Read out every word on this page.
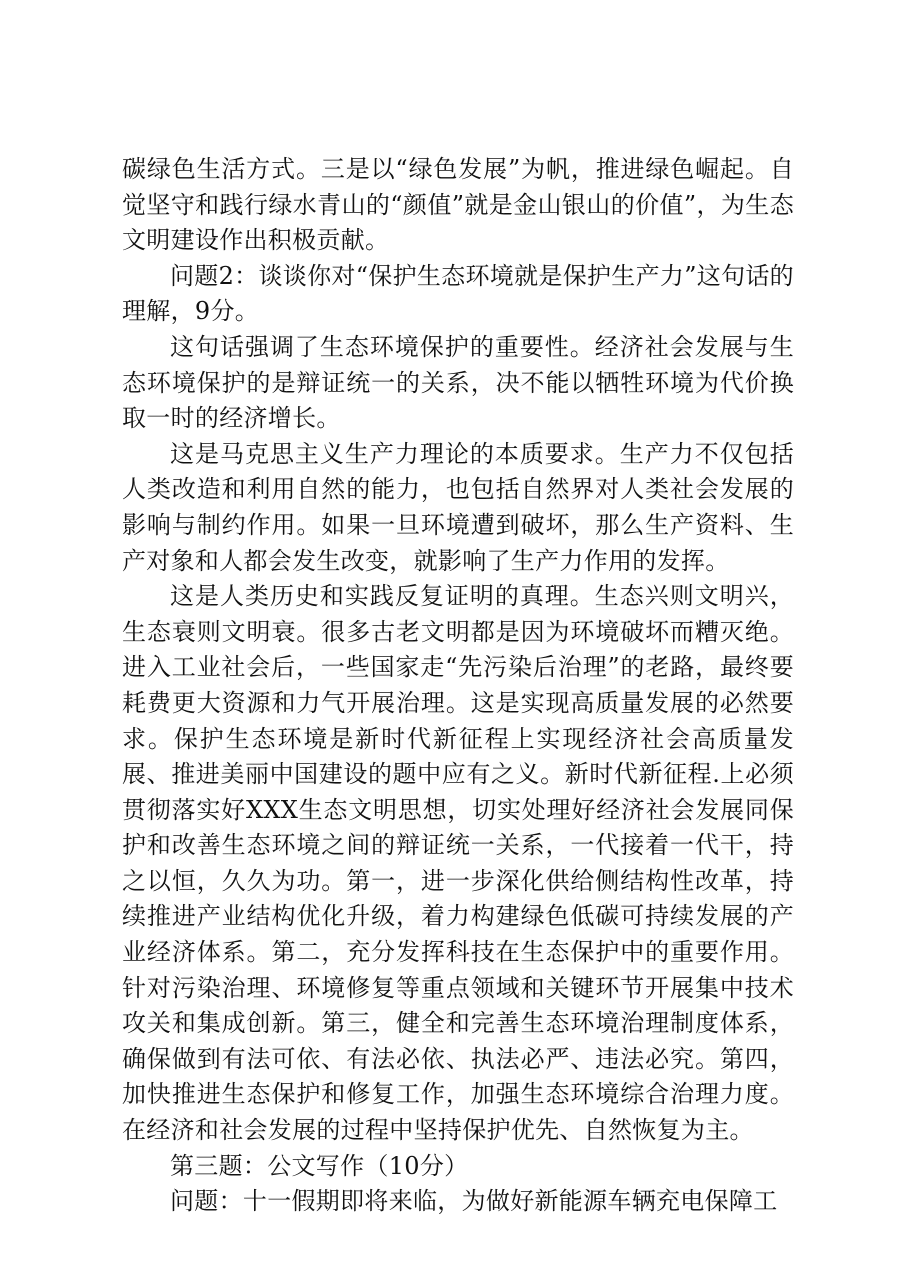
碳绿色生活方式。三是以“绿色发展”为帆，推进绿色崛起。自觉坚守和践行绿水青山的“颜值”就是金山银山的价值”，为生态文明建设作出积极贡献。

问题2：谈谈你对“保护生态环境就是保护生产力”这句话的理解，9分。

这句话强调了生态环境保护的重要性。经济社会发展与生态环境保护的是辩证统一的关系，决不能以牺牲环境为代价换取一时的经济增长。

这是马克思主义生产力理论的本质要求。生产力不仅包括人类改造和利用自然的能力，也包括自然界对人类社会发展的影响与制约作用。如果一旦环境遭到破坏，那么生产资料、生产对象和人都会发生改变，就影响了生产力作用的发挥。

这是人类历史和实践反复证明的真理。生态兴则文明兴，生态衰则文明衰。很多古老文明都是因为环境破坏而糟灭绝。进入工业社会后，一些国家走“先污染后治理”的老路，最终要耗费更大资源和力气开展治理。这是实现高质量发展的必然要求。保护生态环境是新时代新征程上实现经济社会高质量发展、推进美丽中国建设的题中应有之义。新时代新征程.上必须贯彻落实好XXX生态文明思想，切实处理好经济社会发展同保护和改善生态环境之间的辩证统一关系，一代接着一代干，持之以恒，久久为功。第一，进一步深化供给侧结构性改革，持续推进产业结构优化升级，着力构建绿色低碳可持续发展的产业经济体系。第二，充分发挥科技在生态保护中的重要作用。针对污染治理、环境修复等重点领域和关键环节开展集中技术攻关和集成创新。第三，健全和完善生态环境治理制度体系，确保做到有法可依、有法必依、执法必严、违法必究。第四，加快推进生态保护和修复工作，加强生态环境综合治理力度。在经济和社会发展的过程中坚持保护优先、自然恢复为主。

第三题：公文写作（10分）

问题：十一假期即将来临，为做好新能源车辆充电保障工
